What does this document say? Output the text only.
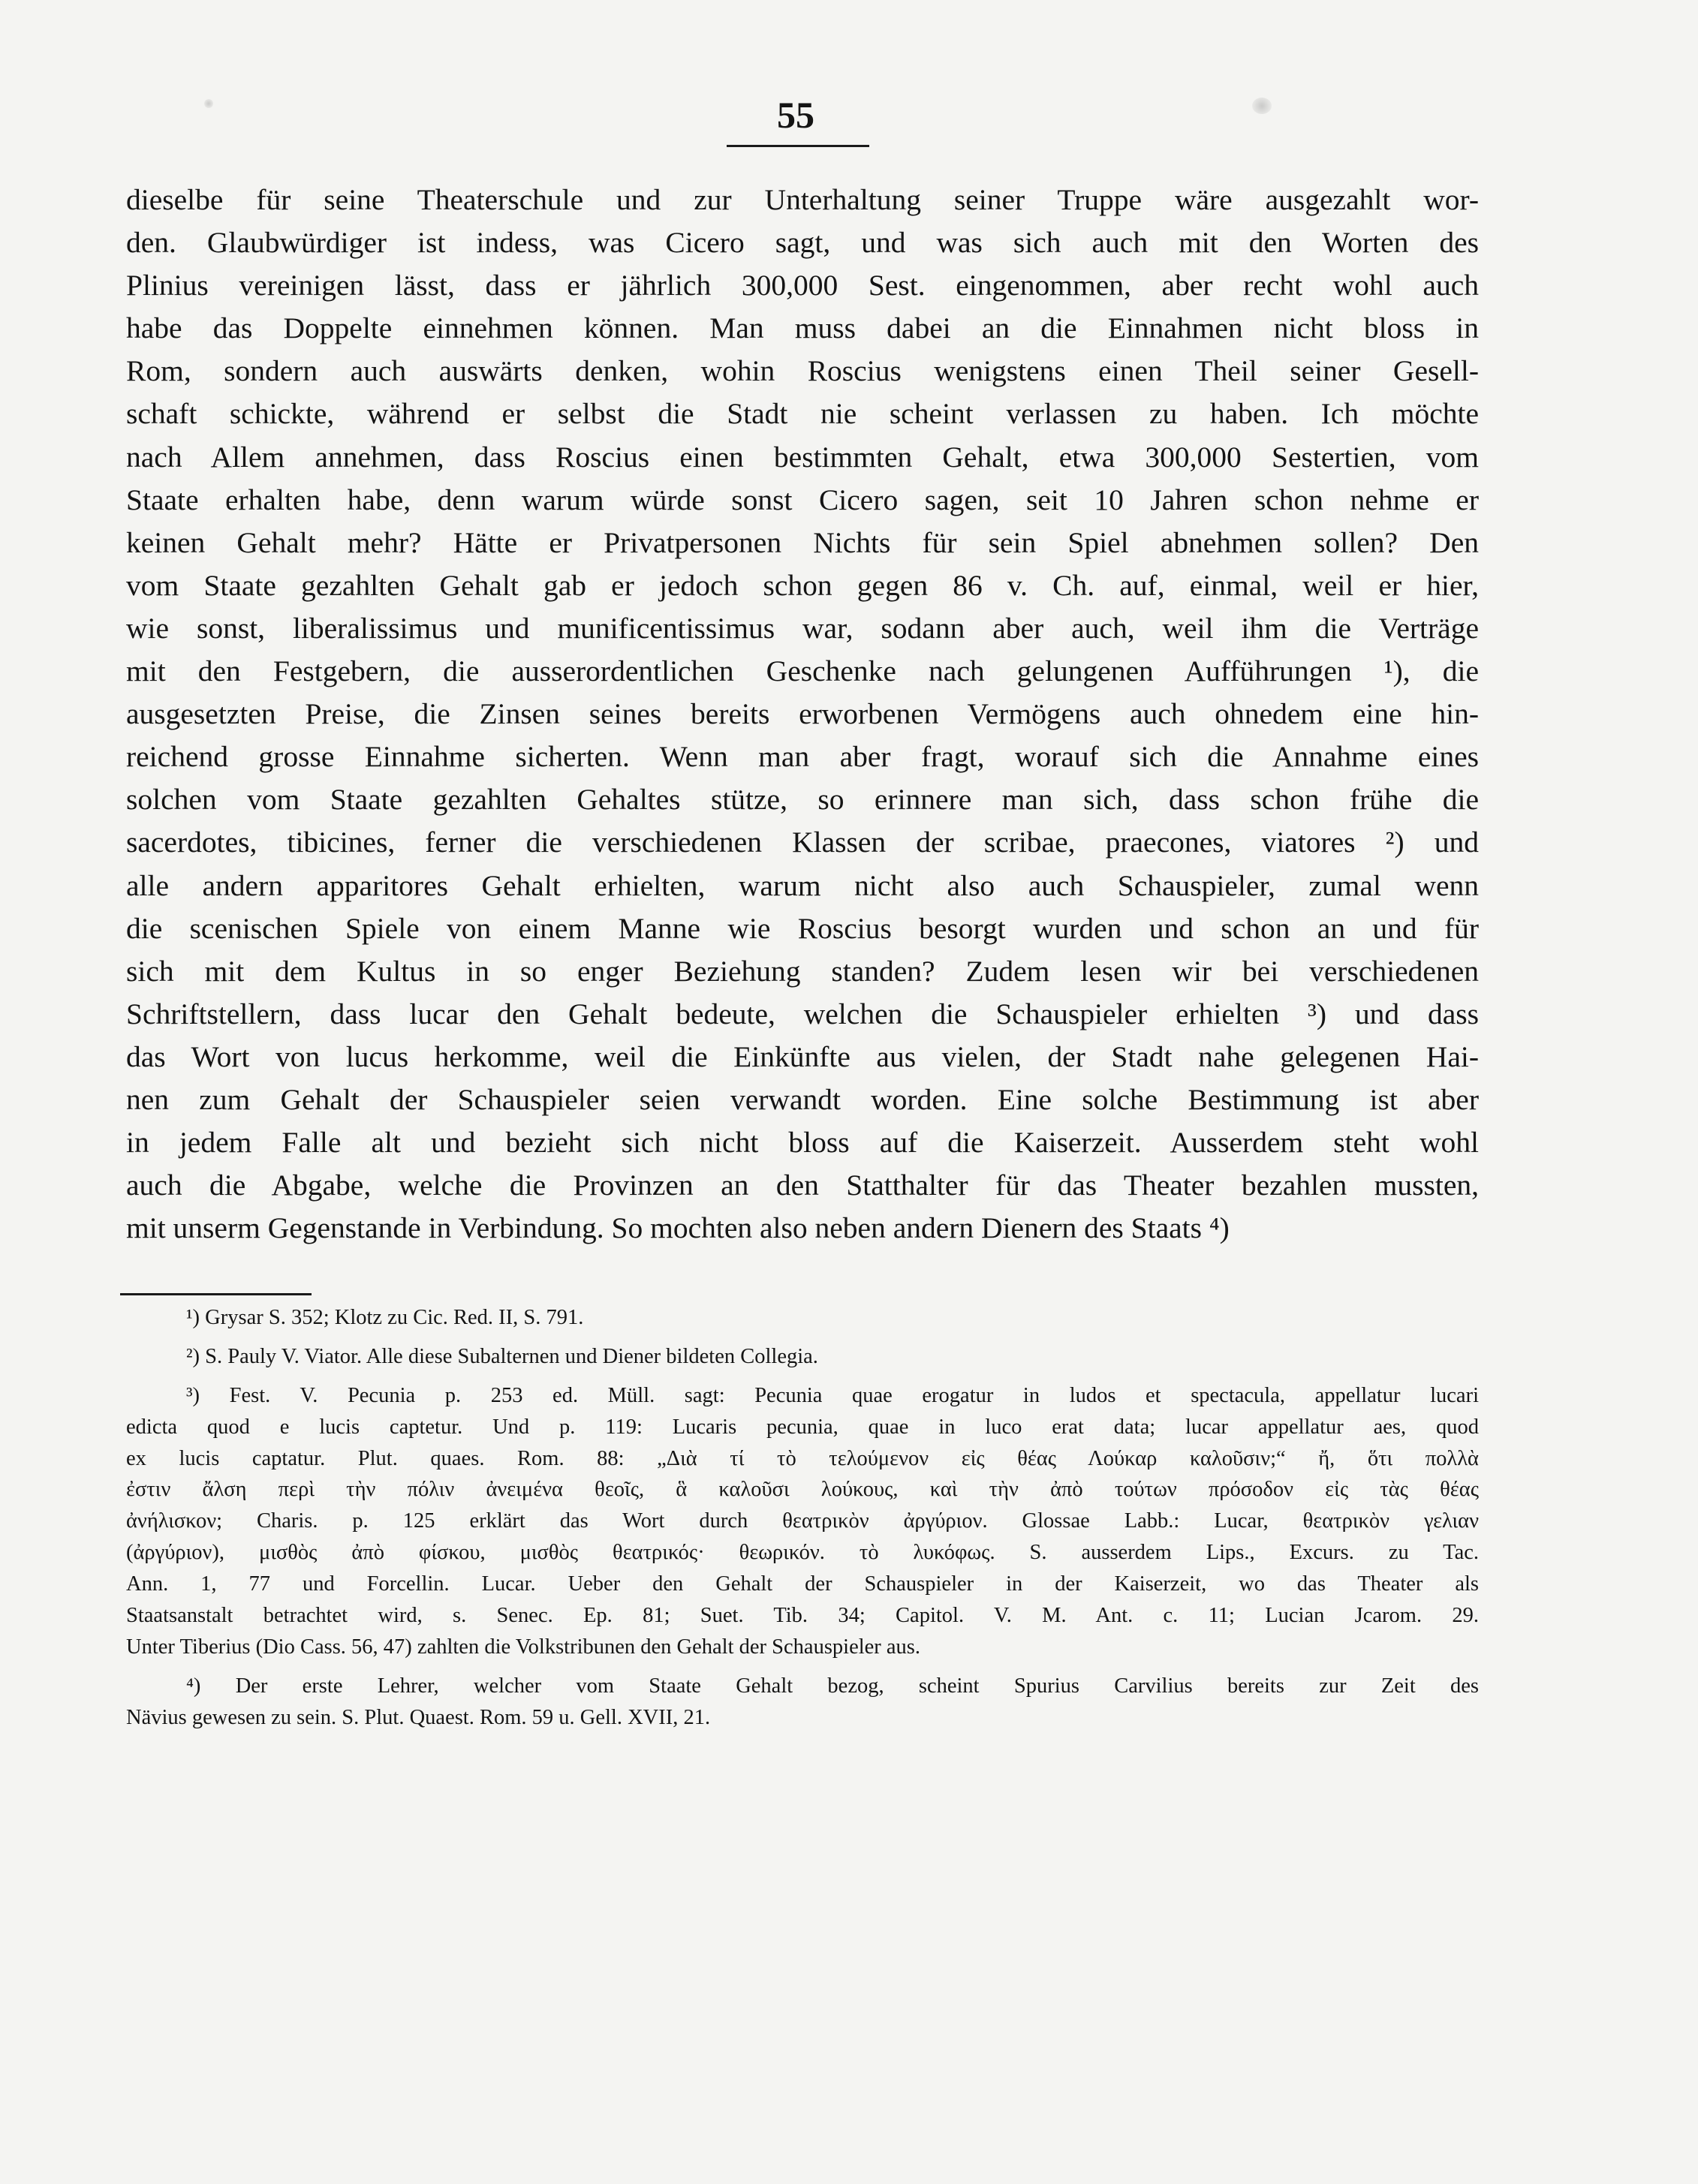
55
dieselbe für seine Theaterschule und zur Unterhaltung seiner Truppe wäre ausgezahlt wor-
den. Glaubwürdiger ist indess, was Cicero sagt, und was sich auch mit den Worten des
Plinius vereinigen lässt, dass er jährlich 300,000 Sest. eingenommen, aber recht wohl auch
habe das Doppelte einnehmen können. Man muss dabei an die Einnahmen nicht bloss in
Rom, sondern auch auswärts denken, wohin Roscius wenigstens einen Theil seiner Gesell-
schaft schickte, während er selbst die Stadt nie scheint verlassen zu haben. Ich möchte
nach Allem annehmen, dass Roscius einen bestimmten Gehalt, etwa 300,000 Sestertien, vom
Staate erhalten habe, denn warum würde sonst Cicero sagen, seit 10 Jahren schon nehme er
keinen Gehalt mehr? Hätte er Privatpersonen Nichts für sein Spiel abnehmen sollen? Den
vom Staate gezahlten Gehalt gab er jedoch schon gegen 86 v. Ch. auf, einmal, weil er hier,
wie sonst, liberalissimus und munificentissimus war, sodann aber auch, weil ihm die Verträge
mit den Festgebern, die ausserordentlichen Geschenke nach gelungenen Aufführungen ¹), die
ausgesetzten Preise, die Zinsen seines bereits erworbenen Vermögens auch ohnedem eine hin-
reichend grosse Einnahme sicherten. Wenn man aber fragt, worauf sich die Annahme eines
solchen vom Staate gezahlten Gehaltes stütze, so erinnere man sich, dass schon frühe die
sacerdotes, tibicines, ferner die verschiedenen Klassen der scribae, praecones, viatores ²) und
alle andern apparitores Gehalt erhielten, warum nicht also auch Schauspieler, zumal wenn
die scenischen Spiele von einem Manne wie Roscius besorgt wurden und schon an und für
sich mit dem Kultus in so enger Beziehung standen? Zudem lesen wir bei verschiedenen
Schriftstellern, dass lucar den Gehalt bedeute, welchen die Schauspieler erhielten ³) und dass
das Wort von lucus herkomme, weil die Einkünfte aus vielen, der Stadt nahe gelegenen Hai-
nen zum Gehalt der Schauspieler seien verwandt worden. Eine solche Bestimmung ist aber
in jedem Falle alt und bezieht sich nicht bloss auf die Kaiserzeit. Ausserdem steht wohl
auch die Abgabe, welche die Provinzen an den Statthalter für das Theater bezahlen mussten,
mit unserm Gegenstande in Verbindung. So mochten also neben andern Dienern des Staats ⁴)
¹) Grysar S. 352; Klotz zu Cic. Red. II, S. 791.
²) S. Pauly V. Viator. Alle diese Subalternen und Diener bildeten Collegia.
³) Fest. V. Pecunia p. 253 ed. Müll. sagt: Pecunia quae erogatur in ludos et spectacula, appellatur lucari
edicta quod e lucis captetur. Und p. 119: Lucaris pecunia, quae in luco erat data; lucar appellatur aes, quod
ex lucis captatur. Plut. quaes. Rom. 88: „Διὰ τί τὸ τελούμενον εἰς θέας Λούκαρ καλοῦσιν;“ ἤ, ὅτι πολλὰ
ἐστιν ἄλση περὶ τὴν πόλιν ἀνειμένα θεοῖς, ἃ καλοῦσι λούκους, καὶ τὴν ἀπὸ τούτων πρόσοδον εἰς τὰς θέας
ἀνήλισκον; Charis. p. 125 erklärt das Wort durch θεατρικὸν ἀργύριον. Glossae Labb.: Lucar, θεατρικὸν γελιαν
(ἀργύριον), μισθὸς ἀπὸ φίσκου, μισθὸς θεατρικός· θεωρικόν. τὸ λυκόφως. S. ausserdem Lips., Excurs. zu Tac.
Ann. 1, 77 und Forcellin. Lucar. Ueber den Gehalt der Schauspieler in der Kaiserzeit, wo das Theater als
Staatsanstalt betrachtet wird, s. Senec. Ep. 81; Suet. Tib. 34; Capitol. V. M. Ant. c. 11; Lucian Jcarom. 29.
Unter Tiberius (Dio Cass. 56, 47) zahlten die Volkstribunen den Gehalt der Schauspieler aus.
⁴) Der erste Lehrer, welcher vom Staate Gehalt bezog, scheint Spurius Carvilius bereits zur Zeit des
Nävius gewesen zu sein. S. Plut. Quaest. Rom. 59 u. Gell. XVII, 21.
